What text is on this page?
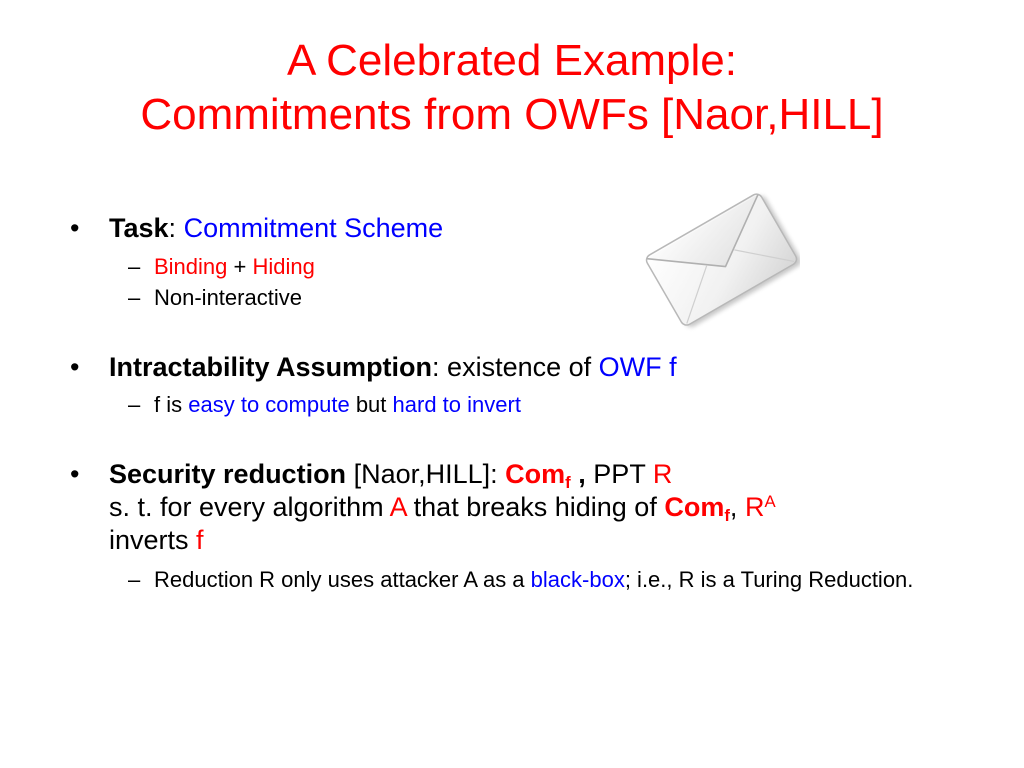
A Celebrated Example:
Commitments from OWFs [Naor,HILL]
• Task: Commitment Scheme
– Binding + Hiding
– Non-interactive
• Intractability Assumption: existence of OWF f
– f is easy to compute but hard to invert
• Security reduction [Naor,HILL]: Com$_f$ , PPT R
s. t. for every algorithm A that breaks hiding of Com$_f$, $R^A$
inverts f
– Reduction R only uses attacker A as a black-box; i.e., R is a Turing Reduction.
